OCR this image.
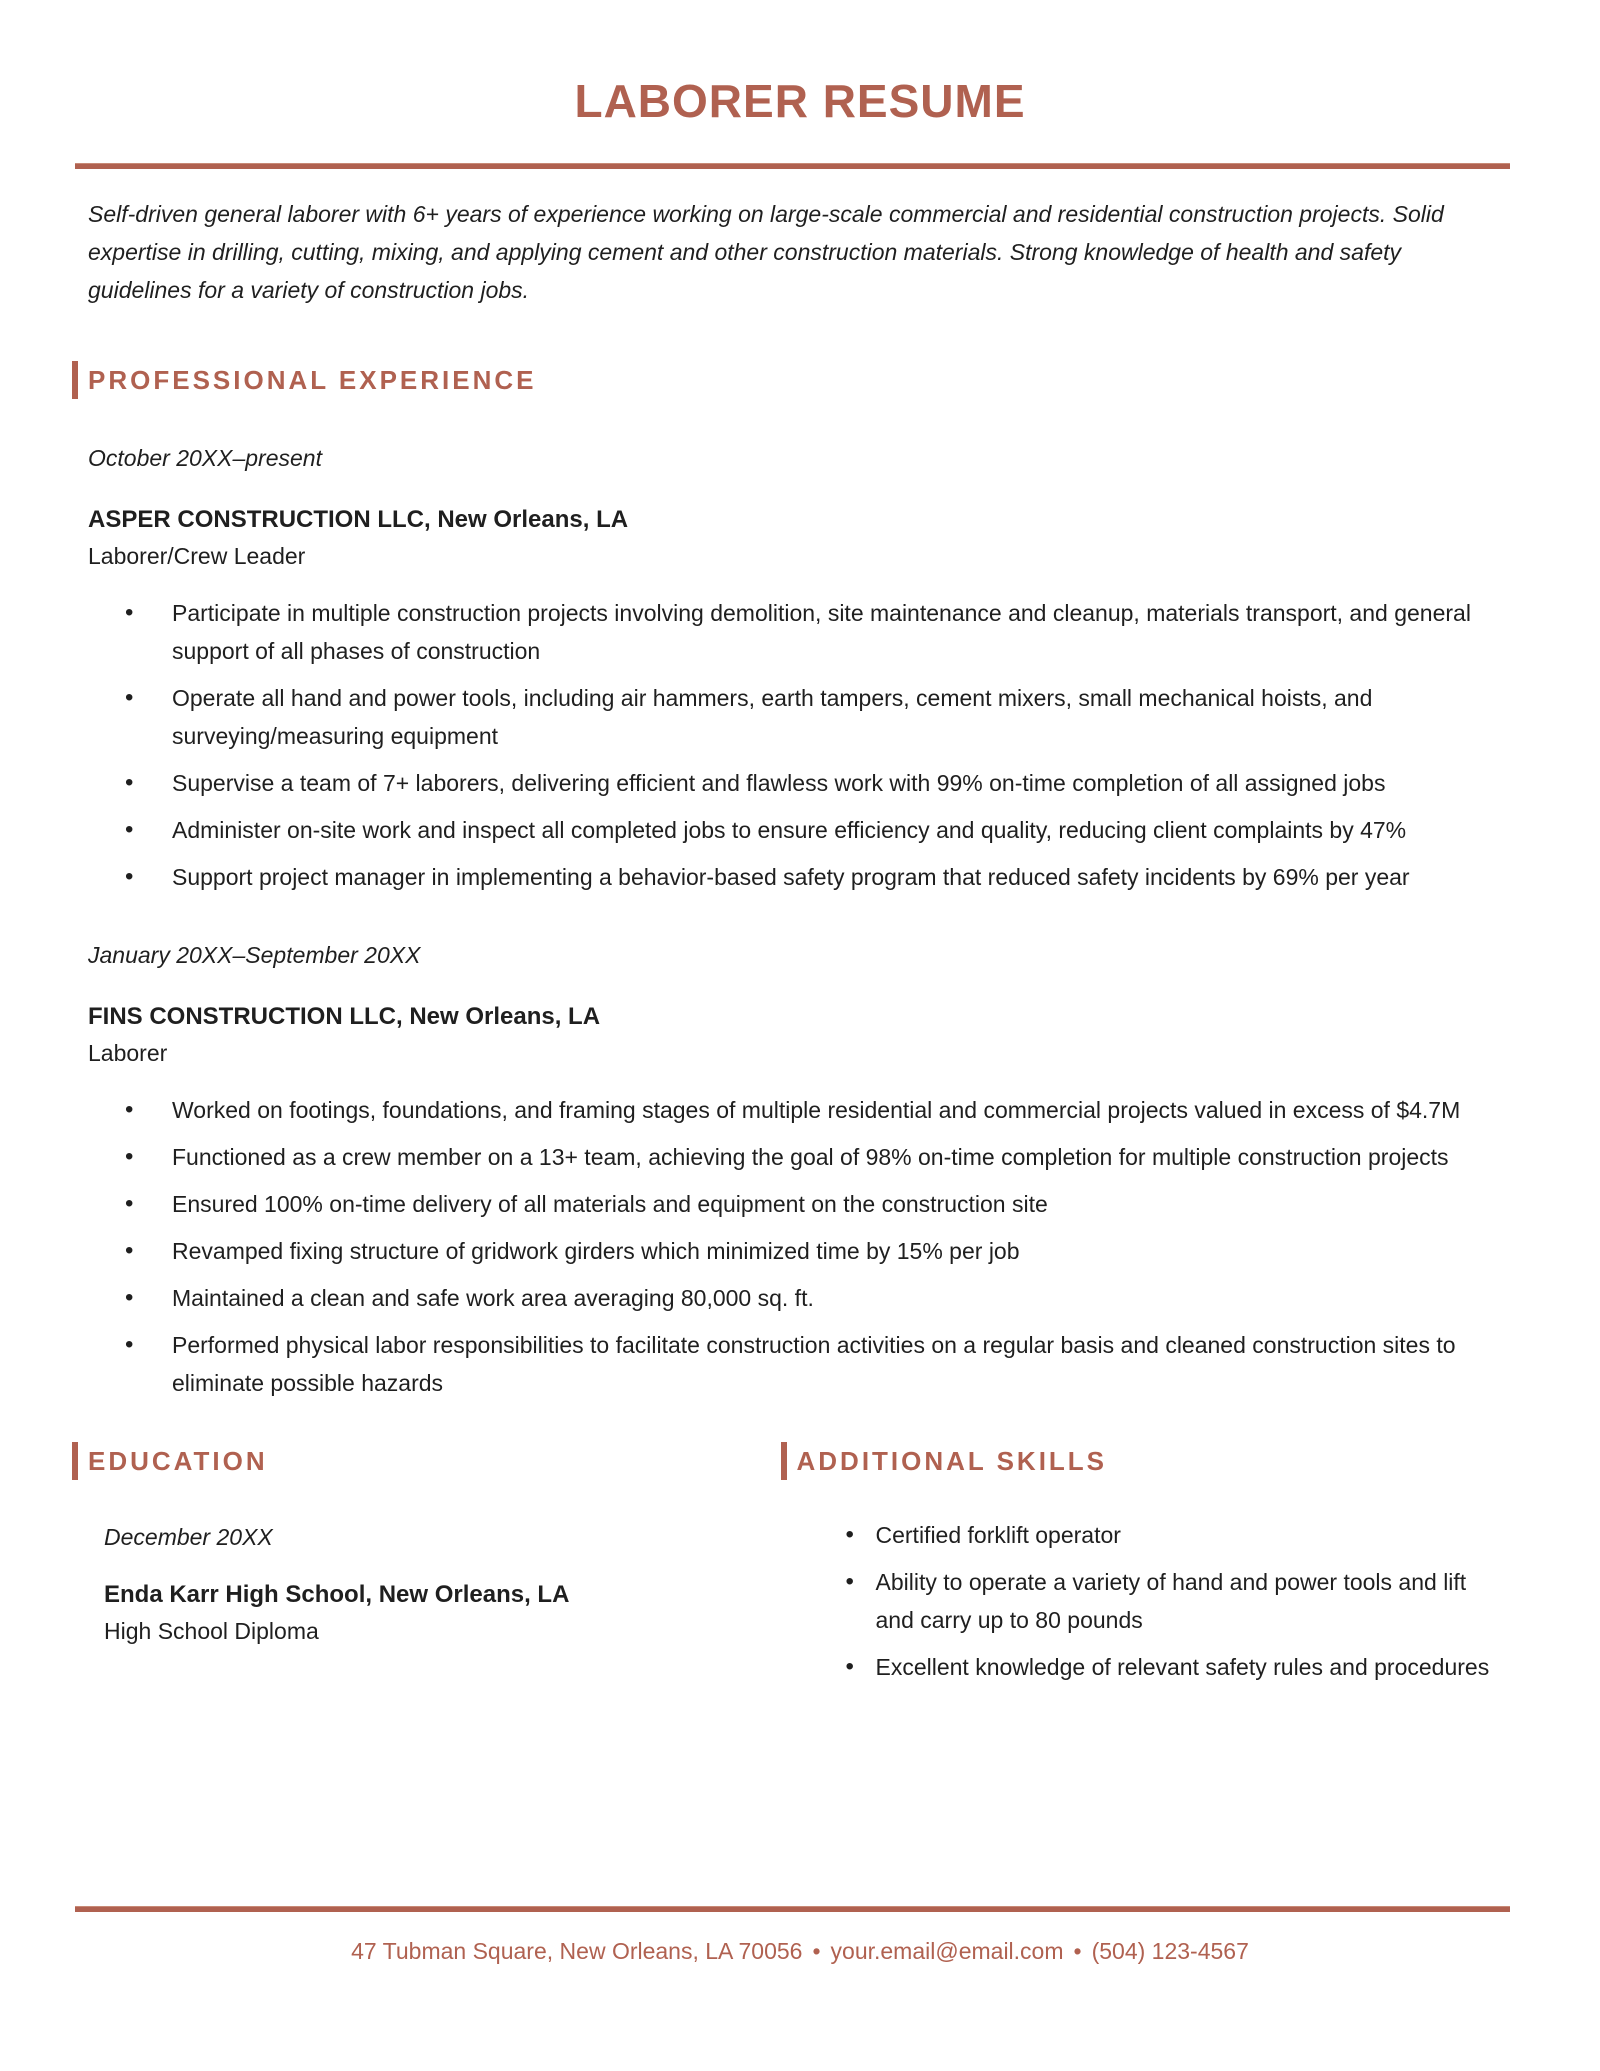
LABORER RESUME

Self-driven general laborer with 6+ years of experience working on large-scale commercial and residential construction projects. Solid expertise in drilling, cutting, mixing, and applying cement and other construction materials. Strong knowledge of health and safety guidelines for a variety of construction jobs.

PROFESSIONAL EXPERIENCE

October 20XX–present

ASPER CONSTRUCTION LLC, New Orleans, LA

Laborer/Crew Leader

• Participate in multiple construction projects involving demolition, site maintenance and cleanup, materials transport, and general support of all phases of construction
• Operate all hand and power tools, including air hammers, earth tampers, cement mixers, small mechanical hoists, and surveying/measuring equipment
• Supervise a team of 7+ laborers, delivering efficient and flawless work with 99% on-time completion of all assigned jobs
• Administer on-site work and inspect all completed jobs to ensure efficiency and quality, reducing client complaints by 47%
• Support project manager in implementing a behavior-based safety program that reduced safety incidents by 69% per year

January 20XX–September 20XX

FINS CONSTRUCTION LLC, New Orleans, LA

Laborer

• Worked on footings, foundations, and framing stages of multiple residential and commercial projects valued in excess of $4.7M
• Functioned as a crew member on a 13+ team, achieving the goal of 98% on-time completion for multiple construction projects
• Ensured 100% on-time delivery of all materials and equipment on the construction site
• Revamped fixing structure of gridwork girders which minimized time by 15% per job
• Maintained a clean and safe work area averaging 80,000 sq. ft.
• Performed physical labor responsibilities to facilitate construction activities on a regular basis and cleaned construction sites to eliminate possible hazards
EDUCATION

December 20XX

Enda Karr High School, New Orleans, LA

High School Diploma

ADDITIONAL SKILLS
• Certified forklift operator
• Ability to operate a variety of hand and power tools and lift and carry up to 80 pounds
• Excellent knowledge of relevant safety rules and procedures

47 Tubman Square, New Orleans, LA 70056 • your.email@email.com • (504) 123-4567
